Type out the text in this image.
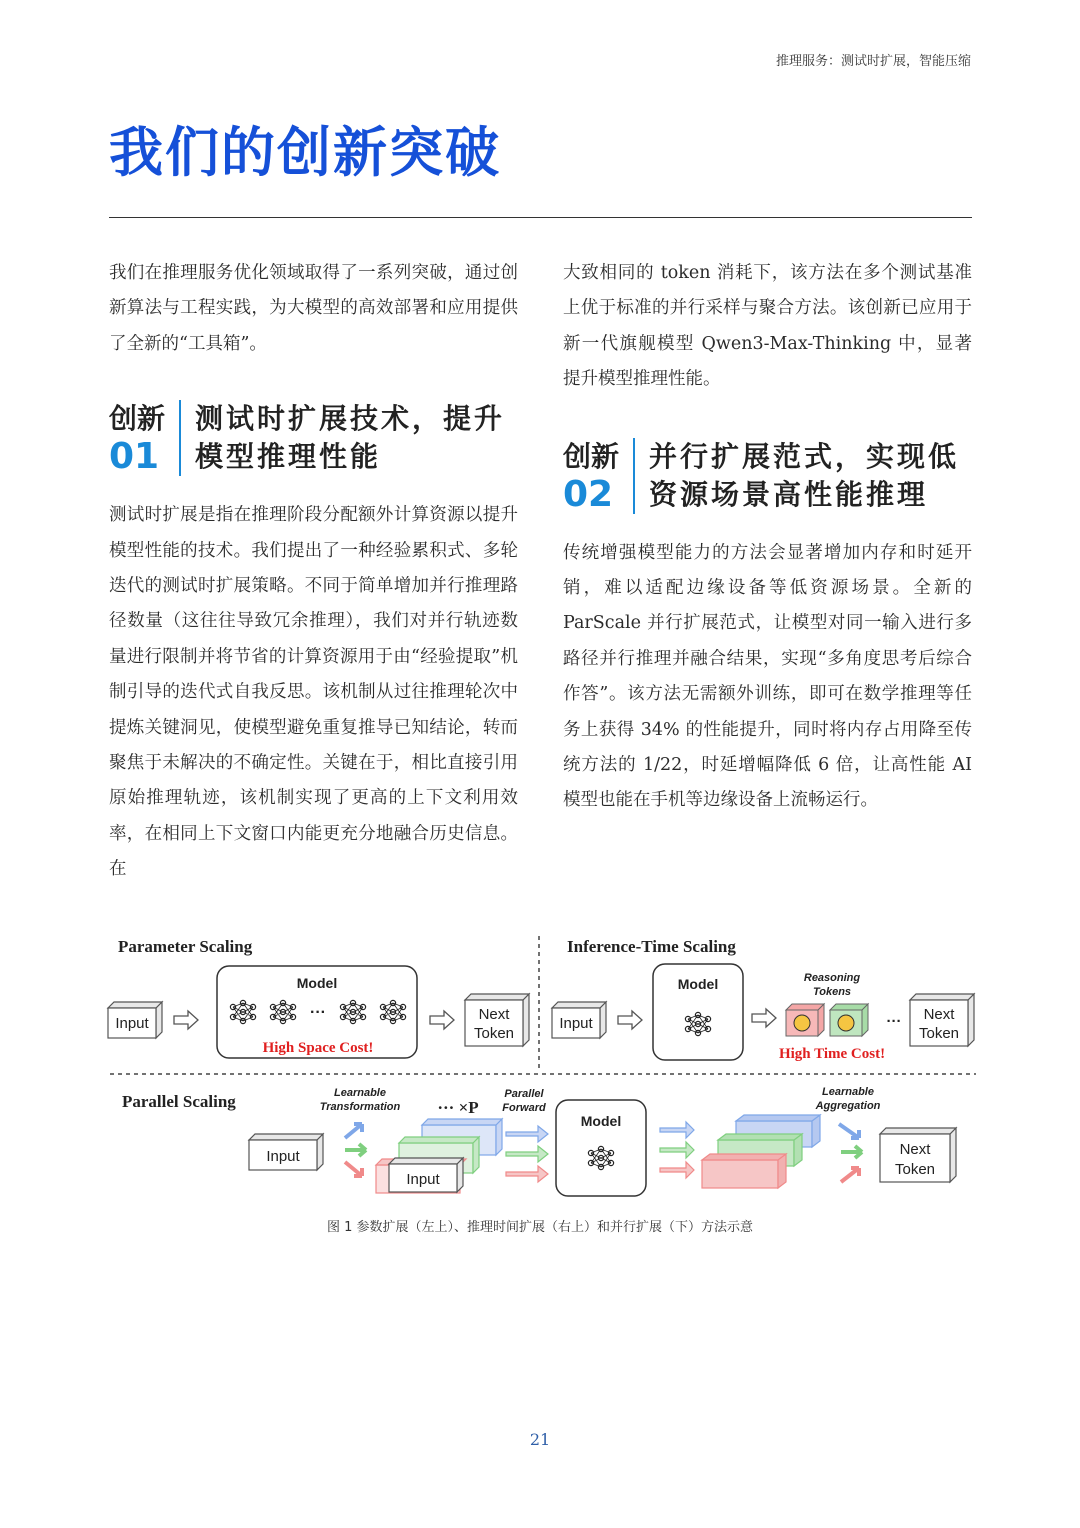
推理服务：测试时扩展，智能压缩
我们的创新突破

我们在推理服务优化领域取得了一系列突破，通过创新算法与工程实践，为大模型的高效部署和应用提供了全新的“工具箱”。

创新
01
测试时扩展技术，提升
模型推理性能

测试时扩展是指在推理阶段分配额外计算资源以提升模型性能的技术。我们提出了一种经验累积式、多轮迭代的测试时扩展策略。不同于简单增加并行推理路径数量（这往往导致冗余推理），我们对并行轨迹数量进行限制并将节省的计算资源用于由“经验提取”机制引导的迭代式自我反思。该机制从过往推理轮次中提炼关键洞见，使模型避免重复推导已知结论，转而聚焦于未解决的不确定性。关键在于，相比直接引用原始推理轨迹，该机制实现了更高的上下文利用效率，在相同上下文窗口内能更充分地融合历史信息。在

大致相同的 token 消耗下，该方法在多个测试基准上优于标准的并行采样与聚合方法。该创新已应用于新一代旗舰模型 Qwen3-Max-Thinking 中，显著提升模型推理性能。

创新
02
并行扩展范式，实现低
资源场景高性能推理

传统增强模型能力的方法会显著增加内存和时延开销，难以适配边缘设备等低资源场景。全新的 ParScale 并行扩展范式，让模型对同一输入进行多路径并行推理并融合结果，实现“多角度思考后综合作答”。该方法无需额外训练，即可在数学推理等任务上获得 34% 的性能提升，同时将内存占用降至传统方法的 1/22，时延增幅降低 6 倍，让高性能 AI 模型也能在手机等边缘设备上流畅运行。

Parameter Scaling
Input
Model
···
High Space Cost!
Next
Token
Inference-Time Scaling
Input
Model	Reasoning
Tokens
···
High Time Cost!
Next
Token
Parallel Scaling
Input
Learnable
Transformation ··· ×P
Input
Parallel
Forward
Model
Learnable
Aggregation
Next
Token
图 1 参数扩展（左上）、推理时间扩展（右上）和并行扩展（下）方法示意
21
